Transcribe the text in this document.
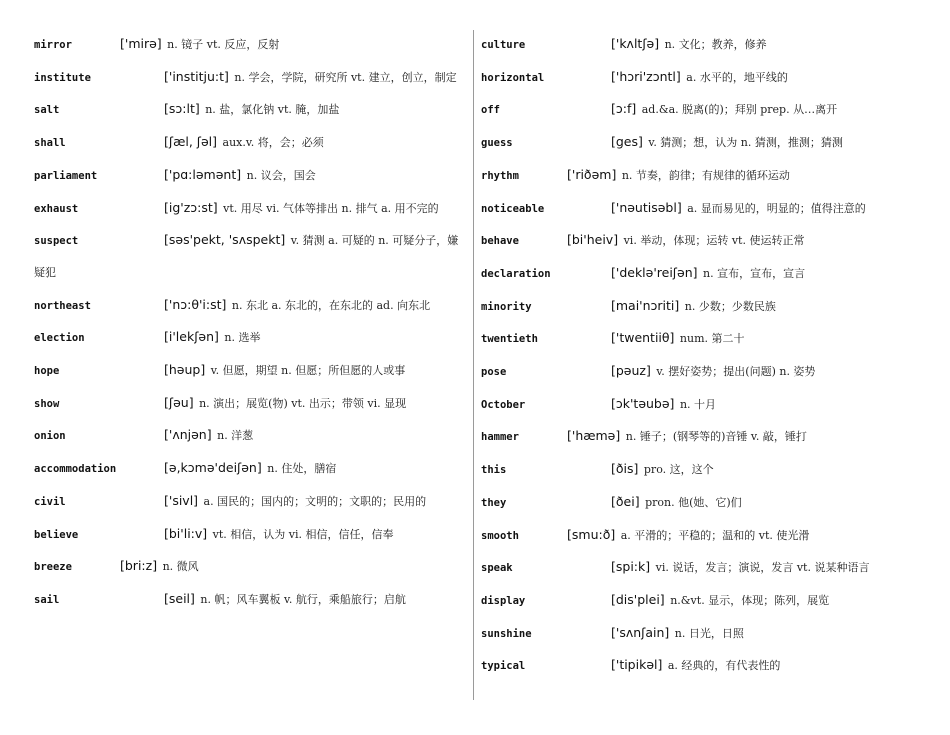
mirror	['mirə]  n. 镜子 vt. 反应，反射
institute	['institju:t]  n. 学会，学院，研究所 vt. 建立，创立，制定
salt	[sɔ:lt]  n. 盐，氯化钠 vt. 腌，加盐
shall	[ʃæl, ʃəl]  aux.v. 将，会；必须
parliament	['pɑ:ləmənt]  n. 议会，国会
exhaust	[ig'zɔ:st]  vt. 用尽 vi. 气体等排出 n. 排气 a. 用不完的
suspect	[səs'pekt, 'sʌspekt]  v. 猜测 a. 可疑的 n. 可疑分子，嫌疑犯
northeast	['nɔ:θ'i:st]  n. 东北 a. 东北的，在东北的 ad. 向东北
election	[i'lekʃən]  n. 选举
hope	[həup]  v. 但愿，期望 n. 但愿；所但愿的人或事
show	[ʃəu]  n. 演出；展览(物) vt. 出示；带领 vi. 显现
onion	['ʌnjən]  n. 洋葱
accommodation	[ə,kɔmə'deiʃən]  n. 住处，膳宿
civil	['sivl]  a. 国民的；国内的；文明的；文职的；民用的
believe	[bi'li:v]  vt. 相信，认为 vi. 相信，信任，信奉
breeze	[bri:z]  n. 微风
sail	[seil]  n. 帆；风车翼板 v. 航行，乘船旅行；启航
culture	['kʌltʃə]  n. 文化；教养，修养
horizontal	['hɔri'zɔntl]  a. 水平的，地平线的
off	[ɔ:f]  ad.&a. 脱离(的)；拜别 prep. 从…离开
guess	[ges]  v. 猜测；想，认为 n. 猜测，推测；猜测
rhythm	['riðəm]  n. 节奏，韵律；有规律的循环运动
noticeable	['nəutisəbl]  a. 显而易见的，明显的；值得注意的
behave	[bi'heiv]  vi. 举动，体现；运转 vt. 使运转正常
declaration	['deklə'reiʃən]  n. 宣布，宣布，宣言
minority	[mai'nɔriti]  n. 少数；少数民族
twentieth	['twentiiθ]  num. 第二十
pose	[pəuz]  v. 摆好姿势；提出(问题) n. 姿势
October	[ɔk'təubə]  n. 十月
hammer	['hæmə]  n. 锤子；(钢琴等的)音锤 v. 敲，锤打
this	[ðis]  pro. 这，这个
they	[ðei]  pron. 他(她、它)们
smooth	[smu:ð]  a. 平滑的；平稳的；温和的 vt. 使光滑
speak	[spi:k]  vi. 说话，发言；演说，发言 vt. 说某种语言
display	[dis'plei]  n.&vt. 显示，体现；陈列，展览
sunshine	['sʌnʃain]  n. 日光，日照
typical	['tipikəl]  a. 经典的，有代表性的
